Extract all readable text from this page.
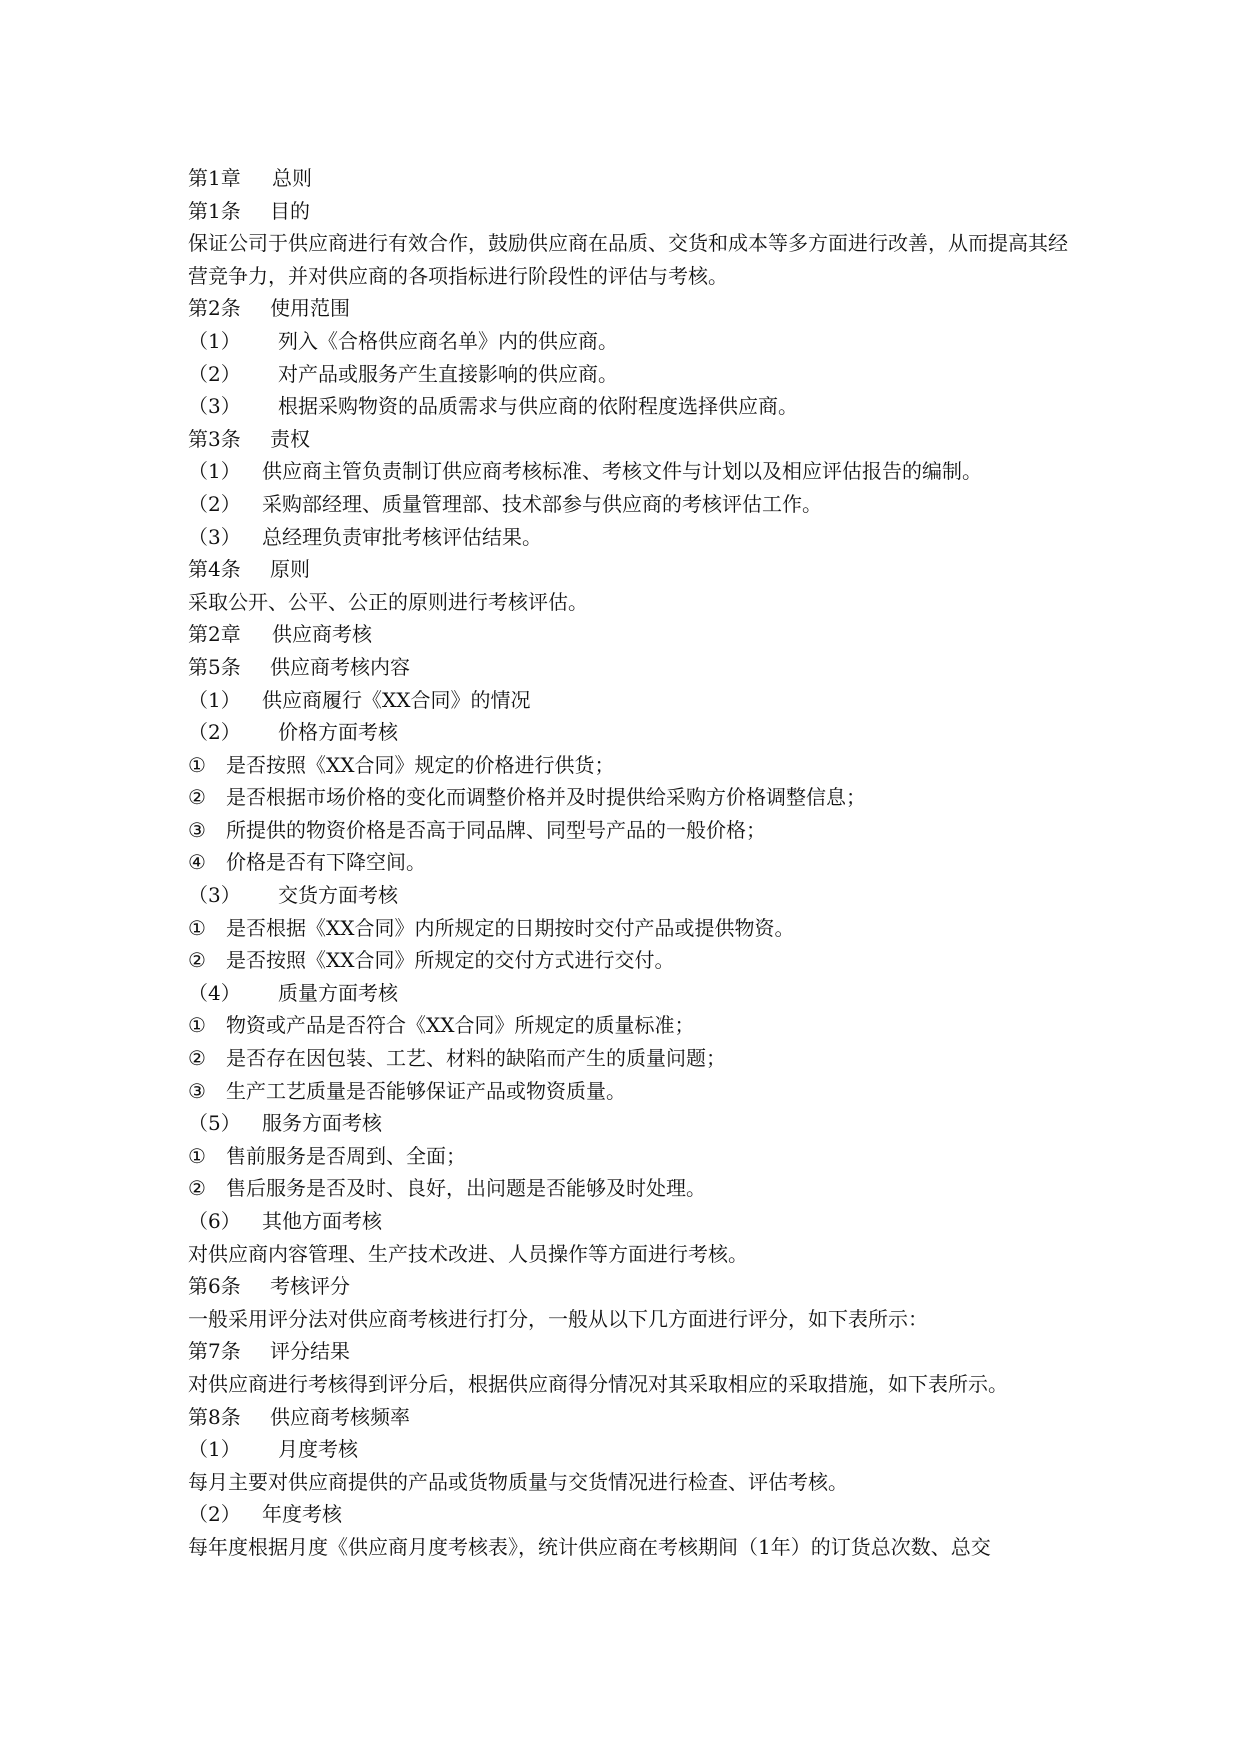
第1章 总则
第1条 目的
保证公司于供应商进行有效合作，鼓励供应商在品质、交货和成本等多方面进行改善，从而提高其经营竞争力，并对供应商的各项指标进行阶段性的评估与考核。
第2条 使用范围
（1） 列入《合格供应商名单》内的供应商。
（2） 对产品或服务产生直接影响的供应商。
（3） 根据采购物资的品质需求与供应商的依附程度选择供应商。
第3条 责权
（1） 供应商主管负责制订供应商考核标准、考核文件与计划以及相应评估报告的编制。
（2） 采购部经理、质量管理部、技术部参与供应商的考核评估工作。
（3） 总经理负责审批考核评估结果。
第4条 原则
采取公开、公平、公正的原则进行考核评估。
第2章 供应商考核
第5条 供应商考核内容
（1） 供应商履行《XX合同》的情况
（2） 价格方面考核
① 是否按照《XX合同》规定的价格进行供货；
② 是否根据市场价格的变化而调整价格并及时提供给采购方价格调整信息；
③ 所提供的物资价格是否高于同品牌、同型号产品的一般价格；
④ 价格是否有下降空间。
（3） 交货方面考核
① 是否根据《XX合同》内所规定的日期按时交付产品或提供物资。
② 是否按照《XX合同》所规定的交付方式进行交付。
（4） 质量方面考核
① 物资或产品是否符合《XX合同》所规定的质量标准；
② 是否存在因包装、工艺、材料的缺陷而产生的质量问题；
③ 生产工艺质量是否能够保证产品或物资质量。
（5） 服务方面考核
① 售前服务是否周到、全面；
② 售后服务是否及时、良好，出问题是否能够及时处理。
（6） 其他方面考核
对供应商内容管理、生产技术改进、人员操作等方面进行考核。
第6条 考核评分
一般采用评分法对供应商考核进行打分，一般从以下几方面进行评分，如下表所示：
第7条 评分结果
对供应商进行考核得到评分后，根据供应商得分情况对其采取相应的采取措施，如下表所示。
第8条 供应商考核频率
（1） 月度考核
每月主要对供应商提供的产品或货物质量与交货情况进行检查、评估考核。
（2） 年度考核
每年度根据月度《供应商月度考核表》，统计供应商在考核期间（1年）的订货总次数、总交
